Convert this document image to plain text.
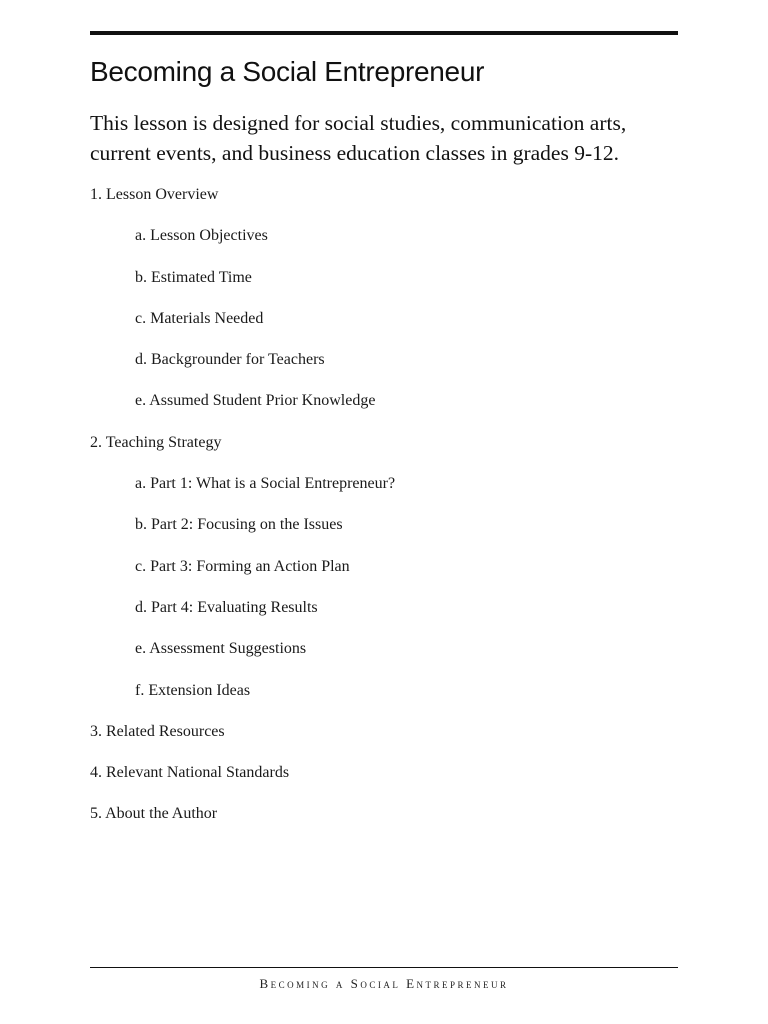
Becoming a Social Entrepreneur

This lesson is designed for social studies, communication arts, current events, and business education classes in grades 9-12.

1. Lesson Overview
a. Lesson Objectives
b. Estimated Time
c. Materials Needed
d. Backgrounder for Teachers
e. Assumed Student Prior Knowledge
2. Teaching Strategy
a. Part 1: What is a Social Entrepreneur?
b. Part 2: Focusing on the Issues
c. Part 3: Forming an Action Plan
d. Part 4: Evaluating Results
e. Assessment Suggestions
f. Extension Ideas
3. Related Resources
4. Relevant National Standards
5. About the Author
Becoming a Social Entrepreneur
